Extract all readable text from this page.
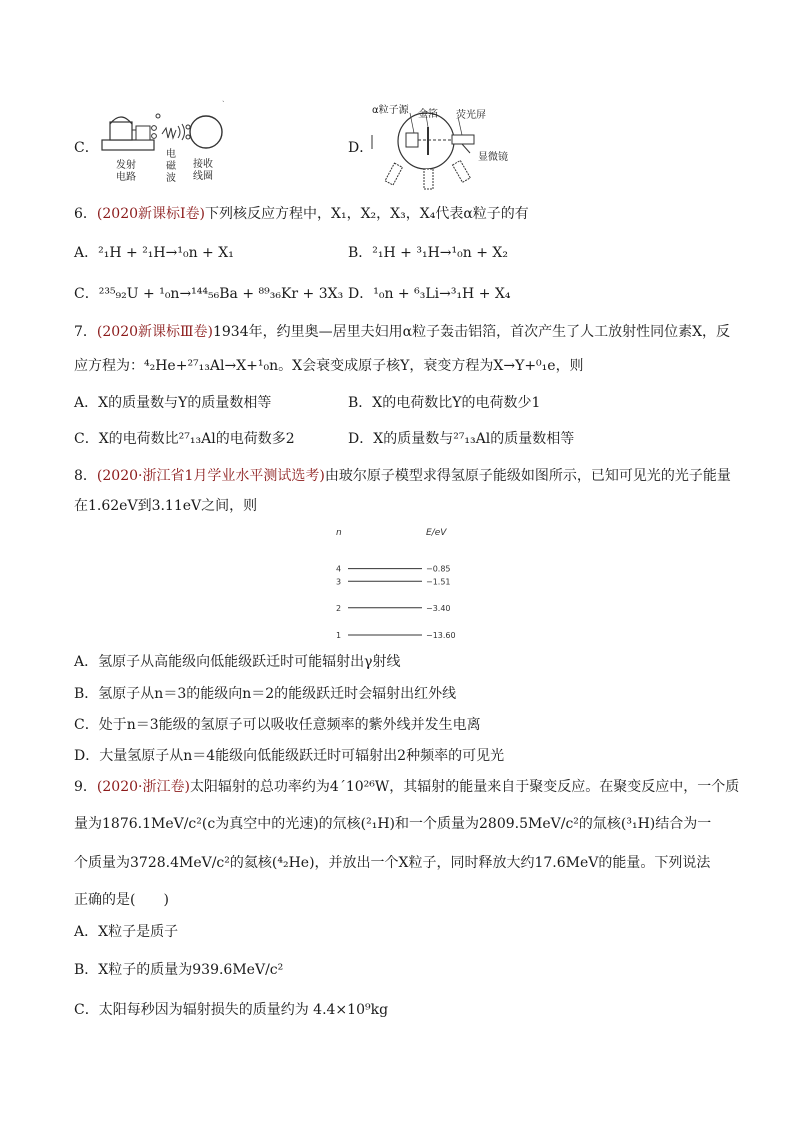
C．
`
发射
电路
电
磁
波
接收
线圈
D．
α粒子源 金箔 荧光屏
显微镜
6．(2020新课标Ⅰ卷)下列核反应方程中，X₁，X₂，X₃，X₄代表α粒子的有
A．²₁H + ²₁H→¹₀n + X₁	B．²₁H + ³₁H→¹₀n + X₂
C．²³⁵₉₂U + ¹₀n→¹⁴⁴₅₆Ba + ⁸⁹₃₆Kr + 3X₃ D．¹₀n + ⁶₃Li→³₁H + X₄
7．(2020新课标Ⅲ卷)1934年，约里奥—居里夫妇用α粒子轰击铝箔，首次产生了人工放射性同位素X，反
应方程为：⁴₂He+²⁷₁₃Al→X+¹₀n。X会衰变成原子核Y，衰变方程为X→Y+⁰₁e，则
A．X的质量数与Y的质量数相等	B．X的电荷数比Y的电荷数少1
C．X的电荷数比²⁷₁₃Al的电荷数多2	D．X的质量数与²⁷₁₃Al的质量数相等
8．(2020·浙江省1月学业水平测试选考)由玻尔原子模型求得氢原子能级如图所示，已知可见光的光子能量
在1.62eV到3.11eV之间，则
n	E/eV
4	−0.85
3	−1.51
2	−3.40
1	−13.60
A．氢原子从高能级向低能级跃迁时可能辐射出γ射线
B．氢原子从n＝3的能级向n＝2的能级跃迁时会辐射出红外线
C．处于n＝3能级的氢原子可以吸收任意频率的紫外线并发生电离
D．大量氢原子从n＝4能级向低能级跃迁时可辐射出2种频率的可见光
9．(2020·浙江卷)太阳辐射的总功率约为4´10²⁶W，其辐射的能量来自于聚变反应。在聚变反应中，一个质
量为1876.1MeV/c²(c为真空中的光速)的氘核(²₁H)和一个质量为2809.5MeV/c²的氚核(³₁H)结合为一
个质量为3728.4MeV/c²的氦核(⁴₂He)，并放出一个X粒子，同时释放大约17.6MeV的能量。下列说法
正确的是(　　)
A．X粒子是质子
B．X粒子的质量为939.6MeV/c²
C．太阳每秒因为辐射损失的质量约为 4.4×10⁹kg
